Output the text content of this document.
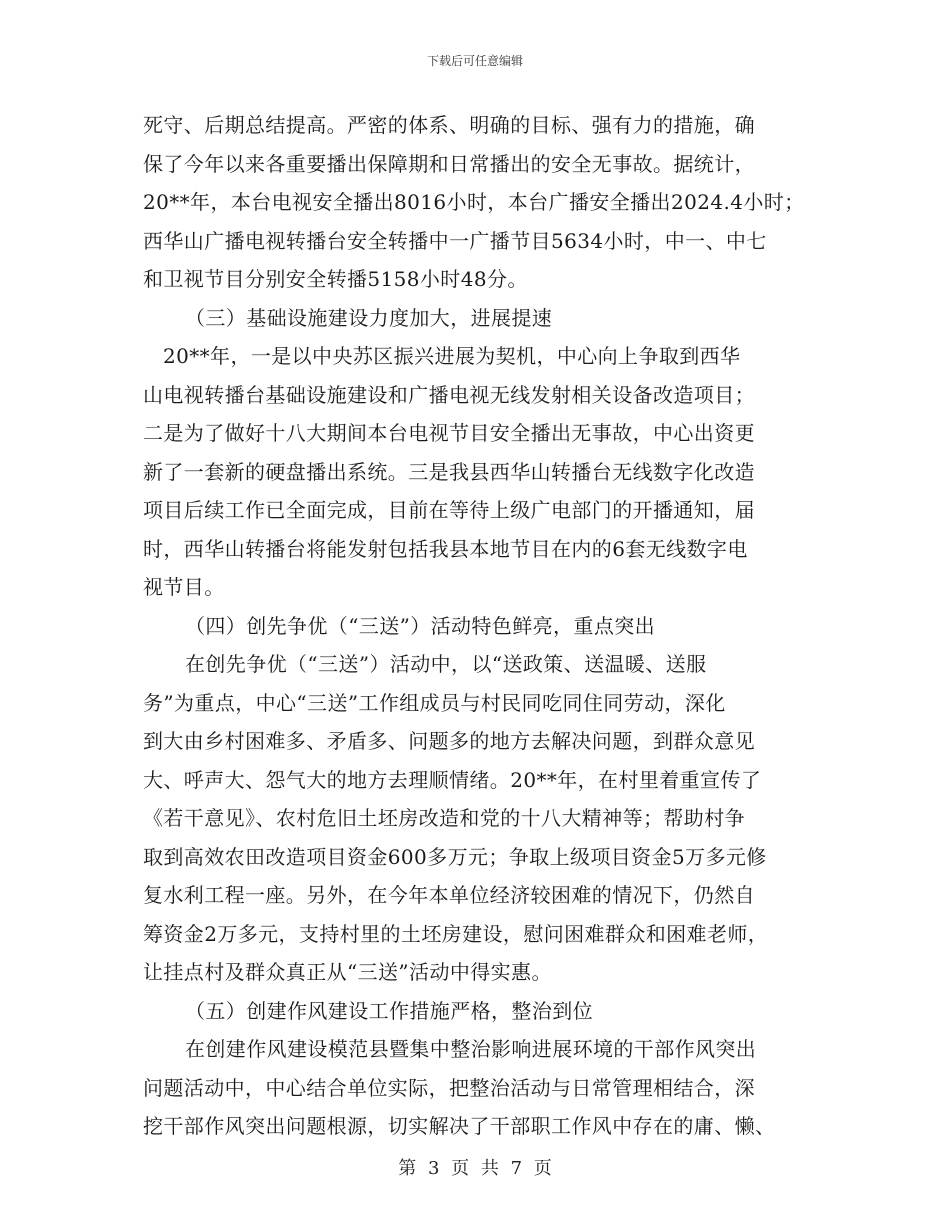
下载后可任意编辑
死守、后期总结提高。严密的体系、明确的目标、强有力的措施，确
保了今年以来各重要播出保障期和日常播出的安全无事故。据统计，
20**年，本台电视安全播出8016小时，本台广播安全播出2024.4小时；
西华山广播电视转播台安全转播中一广播节目5634小时，中一、中七
和卫视节目分别安全转播5158小时48分。
（三）基础设施建设力度加大，进展提速
20**年，一是以中央苏区振兴进展为契机，中心向上争取到西华
山电视转播台基础设施建设和广播电视无线发射相关设备改造项目；
二是为了做好十八大期间本台电视节目安全播出无事故，中心出资更
新了一套新的硬盘播出系统。三是我县西华山转播台无线数字化改造
项目后续工作已全面完成，目前在等待上级广电部门的开播通知，届
时，西华山转播台将能发射包括我县本地节目在内的6套无线数字电
视节目。
（四）创先争优（“三送”）活动特色鲜亮，重点突出
在创先争优（“三送”）活动中，以“送政策、送温暖、送服
务”为重点，中心“三送”工作组成员与村民同吃同住同劳动，深化
到大由乡村困难多、矛盾多、问题多的地方去解决问题，到群众意见
大、呼声大、怨气大的地方去理顺情绪。20**年，在村里着重宣传了
《若干意见》、农村危旧土坯房改造和党的十八大精神等；帮助村争
取到高效农田改造项目资金600多万元；争取上级项目资金5万多元修
复水利工程一座。另外，在今年本单位经济较困难的情况下，仍然自
筹资金2万多元，支持村里的土坯房建设，慰问困难群众和困难老师，
让挂点村及群众真正从“三送”活动中得实惠。
（五）创建作风建设工作措施严格，整治到位
在创建作风建设模范县暨集中整治影响进展环境的干部作风突出
问题活动中，中心结合单位实际，把整治活动与日常管理相结合，深
挖干部作风突出问题根源，切实解决了干部职工作风中存在的庸、懒、
第 3 页 共 7 页
